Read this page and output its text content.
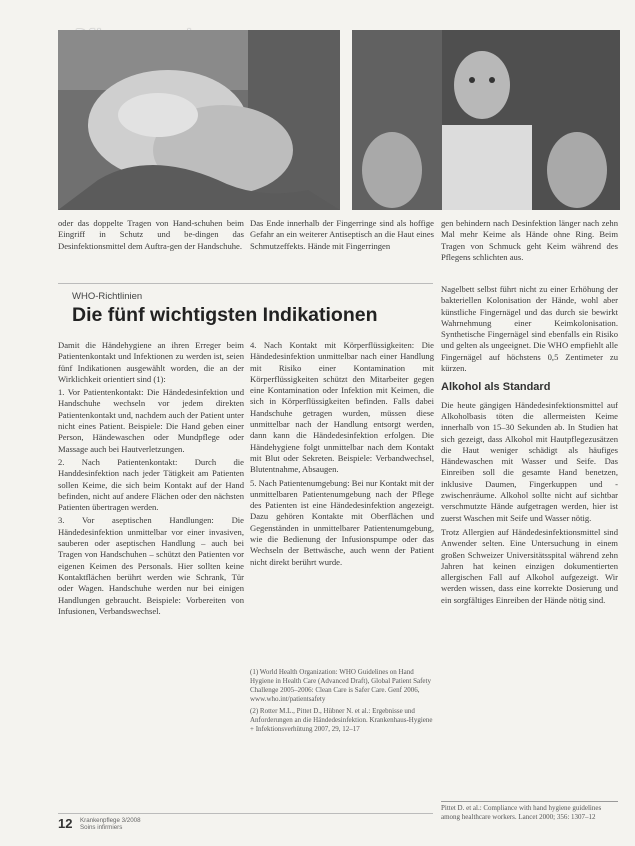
oder das doppelte Tragen von Hand-schuhen beim Eingriff in Schutz und be-dingen das Desinfektionsmittel dem Auftra-gen der Handschuhe.
Das Ende innerhalb der Fingerringe sind als hoffige Gefahr an ein weiterer Antiseptisch an die Haut eines Schmutzeffekts. Hände mit Fingerringen
gen behindern nach Desinfektion länger nach zehn Mal mehr Keime als Hände ohne Ring. Beim Tragen von Schmuck geht Keim während des Pflegens schlichten aus.
WHO-Richtlinien
Die fünf wichtigsten Indikationen

Damit die Händehygiene an ihren Erreger beim Patientenkontakt und Infektionen zu werden ist, seien fünf Indikationen ausgewählt worden, die an der Wirklichkeit orientiert sind (1):

1. Vor Patientenkontakt: Die Händedesinfektion und Handschuhe wechseln vor jedem direkten Patientenkontakt und, nachdem auch der Patient unter nicht eines Patient. Beispiele: Die Hand geben einer Person, Händewaschen oder Mundpflege oder Massage auch bei Hautverletzungen.
2. Nach Patientenkontakt: Durch die Handdesinfektion nach jeder Tätigkeit am Patienten sollen Keime, die sich beim Kontakt auf der Hand befinden, nicht auf andere Flächen oder den nächsten Patienten übertragen werden.
3. Vor aseptischen Handlungen: Die Händedesinfektion unmittelbar vor einer invasiven, sauberen oder aseptischen Handlung – auch bei Tragen von Handschuhen – schützt den Patienten vor eigenen Keimen des Personals. Hier sollten keine Kontaktflächen berührt werden wie Schrank, Tür oder Wagen. Handschuhe werden nur bei einigen Handlungen gebraucht. Beispiele: Vorbereiten von Infusionen, Verbandswechsel.
4. Nach Kontakt mit Körperflüssigkeiten: Die Händedesinfektion unmittelbar nach einer Handlung mit Risiko einer Kontamination mit Körperflüssigkeiten schützt den Mitarbeiter gegen eine Kontamination oder Infektion mit Keimen, die sich in Körperflüssigkeiten befinden. Falls dabei Handschuhe getragen wurden, müssen diese unmittelbar nach der Handlung entsorgt werden, dann kann die Händedesinfektion erfolgen. Die Händehygiene folgt unmittelbar nach dem Kontakt mit Blut oder Sekreten. Beispiele: Verbandwechsel, Blutentnahme, Absaugen.
5. Nach Patientenumgebung: Bei nur Kontakt mit der unmittelbaren Patientenumgebung nach der Pflege des Patienten ist eine Händedesinfektion angezeigt. Dazu gehören Kontakte mit Oberflächen und Gegenständen in unmittelbarer Patientenumgebung, wie die Bedienung der Infusionspumpe oder das Wechseln der Bettwäsche, auch wenn der Patient nicht direkt berührt wurde.

(1) World Health Organization: WHO Guidelines on Hand Hygiene in Health Care (Advanced Draft), Global Patient Safety Challenge 2005–2006: Clean Care is Safer Care. Genf 2006, www.who.int/patientsafety

(2) Rotter M.L., Pittet D., Hübner N. et al.: Ergebnisse und Anforderungen an die Händedesinfektion. Krankenhaus-Hygiene + Infektionsverhütung 2007, 29, 12–17

Nagelbett selbst führt nicht zu einer Erhöhung der bakteriellen Kolonisation der Hände, wohl aber künstliche Fingernägel und das durch sie bewirkt Wahrnehmung einer Keimkolonisation. Synthetische Fingernägel sind ebenfalls ein Risiko und gelten als ungeeignet. Die WHO empfiehlt alle Fingernägel auf höchstens 0,5 Zentimeter zu kürzen.

Alkohol als Standard

Die heute gängigen Händedesinfektionsmittel auf Alkoholbasis töten die allermeisten Keime innerhalb von 15–30 Sekunden ab. In Studien hat sich gezeigt, dass Alkohol mit Hautpflegezusätzen die Haut weniger schädigt als häufiges Händewaschen mit Wasser und Seife. Das Einreiben soll die gesamte Hand benetzen, inklusive Daumen, Fingerkuppen und -zwischenräume. Alkohol sollte nicht auf sichtbar verschmutzte Hände aufgetragen werden, hier ist zuerst Waschen mit Seife und Wasser nötig.

Trotz Allergien auf Händedesinfektionsmittel sind Anwender selten. Eine Untersuchung in einem großen Schweizer Universitätsspital während zehn Jahren hat keinen einzigen dokumentierten allergischen Fall auf Alkohol aufgezeigt. Wir werden wissen, dass eine korrekte Dosierung und ein sorgfältiges Einreiben der Hände nötig sind.

Pittet D. et al.: Compliance with hand hygiene guidelines among healthcare workers. Lancet 2000; 356: 1307–12
12 Krankenpflege 3/2008
Soins infirmiers
